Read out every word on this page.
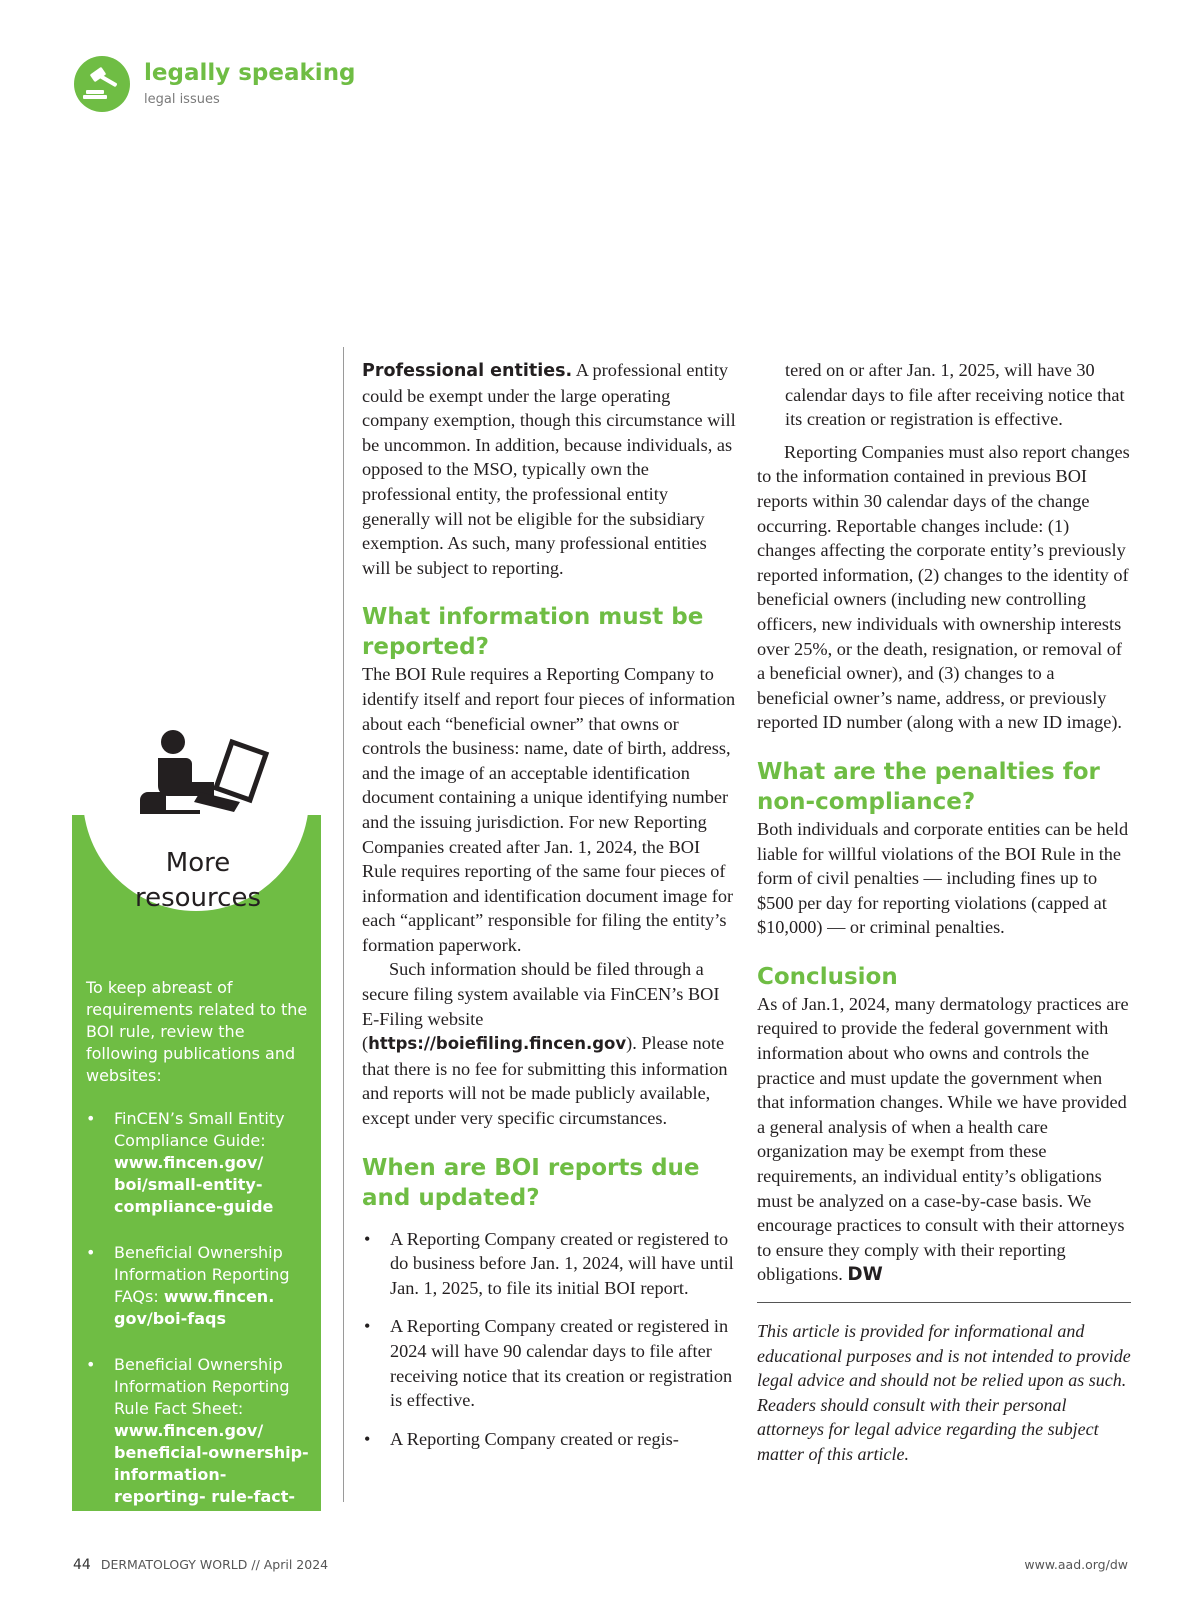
legally speaking
legal issues
More
resources

To keep abreast of requirements related to the BOI rule, review the following publications and websites:

• FinCEN’s Small Entity Compliance Guide: www.fincen.gov/ boi/small-entity- compliance-guide
• Beneficial Ownership Information Reporting FAQs: www.fincen. gov/boi-faqs
• Beneficial Ownership Information Reporting Rule Fact Sheet: www.fincen.gov/ beneficial-ownership- information-reporting- rule-fact-sheet

Professional entities. A professional entity could be exempt under the large operating company exemption, though this circumstance will be uncommon. In addition, because individuals, as opposed to the MSO, typically own the professional entity, the professional entity generally will not be eligible for the subsidiary exemption. As such, many professional entities will be subject to reporting.

What information must be reported?

The BOI Rule requires a Reporting Company to identify itself and report four pieces of information about each “beneficial owner” that owns or controls the business: name, date of birth, address, and the image of an acceptable identification document containing a unique identifying number and the issuing jurisdiction. For new Reporting Companies created after Jan. 1, 2024, the BOI Rule requires reporting of the same four pieces of information and identification document image for each “applicant” responsible for filing the entity’s formation paperwork.

Such information should be filed through a secure filing system available via FinCEN’s BOI E-Filing website (https://boiefiling.fincen.gov). Please note that there is no fee for submitting this information and reports will not be made publicly available, except under very specific circumstances.

When are BOI reports due and updated?
• A Reporting Company created or registered to do business before Jan. 1, 2024, will have until Jan. 1, 2025, to file its initial BOI report.
• A Reporting Company created or registered in 2024 will have 90 calendar days to file after receiving notice that its creation or registration is effective.
• A Reporting Company created or regis-

tered on or after Jan. 1, 2025, will have 30 calendar days to file after receiving notice that its creation or registration is effective.

Reporting Companies must also report changes to the information contained in previous BOI reports within 30 calendar days of the change occurring. Reportable changes include: (1) changes affecting the corporate entity’s previously reported information, (2) changes to the identity of beneficial owners (including new controlling officers, new individuals with ownership interests over 25%, or the death, resignation, or removal of a beneficial owner), and (3) changes to a beneficial owner’s name, address, or previously reported ID number (along with a new ID image).

What are the penalties for non-compliance?

Both individuals and corporate entities can be held liable for willful violations of the BOI Rule in the form of civil penalties — including fines up to $500 per day for reporting violations (capped at $10,000) — or criminal penalties.

Conclusion

As of Jan.1, 2024, many dermatology practices are required to provide the federal government with information about who owns and controls the practice and must update the government when that information changes. While we have provided a general analysis of when a health care organization may be exempt from these requirements, an individual entity’s obligations must be analyzed on a case-by-case basis. We encourage practices to consult with their attorneys to ensure they comply with their reporting obligations. DW

This article is provided for informational and educational purposes and is not intended to provide legal advice and should not be relied upon as such. Readers should consult with their personal attorneys for legal advice regarding the subject matter of this article.

44 DERMATOLOGY WORLD // April 2024	www.aad.org/dw
